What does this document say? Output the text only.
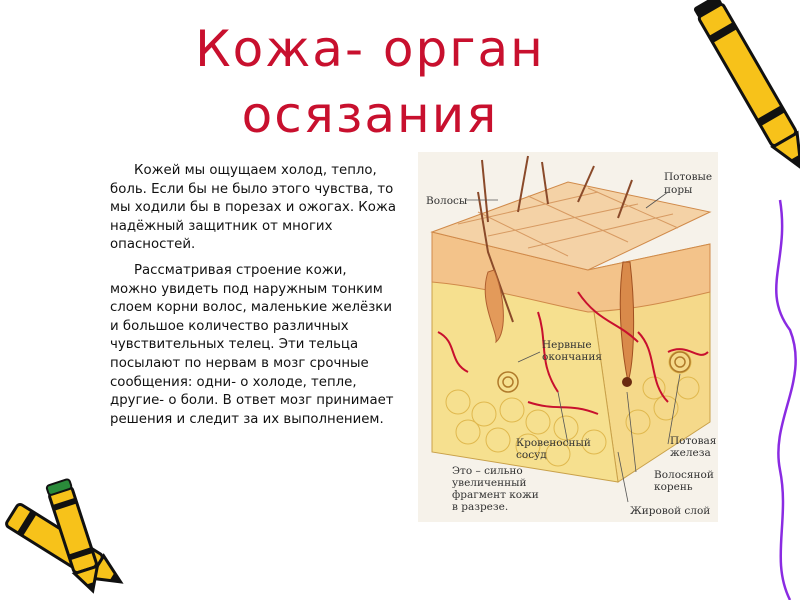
Кожа- орган
осязания

Кожей мы ощущаем холод, тепло, боль. Если бы не было этого чувства, то мы ходили бы в порезах и ожогах. Кожа надёжный защитник от многих опасностей.

Рассматривая строение кожи, можно увидеть под наружным тонким слоем корни волос, маленькие желёзки и большое количество различных чувствительных телец. Эти тельца посылают по нервам в мозг срочные сообщения: одни- о холоде, тепле, другие- о боли. В ответ мозг принимает решения и следит за их выполнением.

Волосы
Потовые
поры
Нервные
окончания
Кровеносный
сосуд
Потовая
железа
Волосяной
корень
Жировой слой
Это – сильно
увеличенный
фрагмент кожи
в разрезе.
